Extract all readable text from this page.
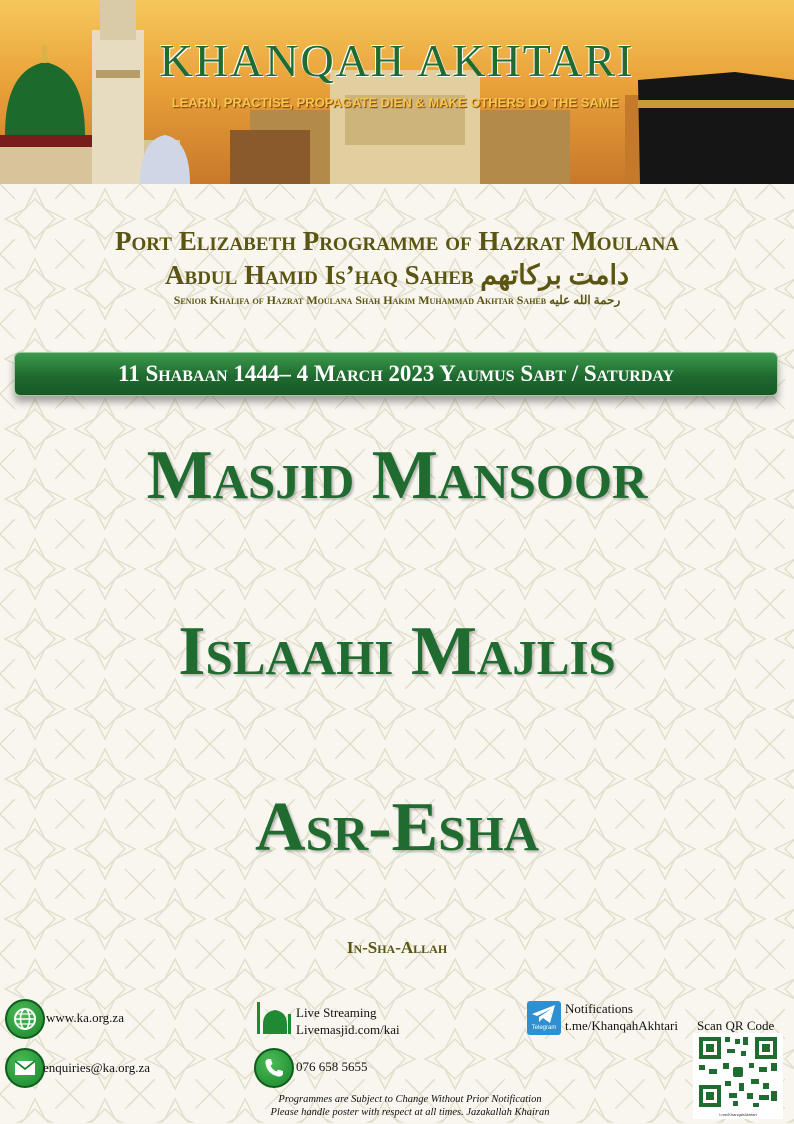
KHANQAH AKHTARI
LEARN, PRACTISE, PROPAGATE DIEN & MAKE OTHERS DO THE SAME
Port Elizabeth Programme of Hazrat Moulana
Abdul Hamid Is’haq Saheb دامت برکاتهم
Senior Khalifa of Hazrat Moulana Shah Hakim Muhammad Akhtar Saheb رحمة الله عليه
11 Shabaan 1444– 4 March 2023 Yaumus Sabt / Saturday
Masjid Mansoor
Islaahi Majlis
Asr-Esha
In-Sha-Allah
www.ka.org.za
enquiries@ka.org.za
Live Streaming
Livemasjid.com/kai
076 658 5655
Telegram
Notifications
t.me/KhanqahAkhtari Scan QR Code
t.me/KhanqahAkhtari
Programmes are Subject to Change Without Prior Notification
Please handle poster with respect at all times. Jazakallah Khairan
